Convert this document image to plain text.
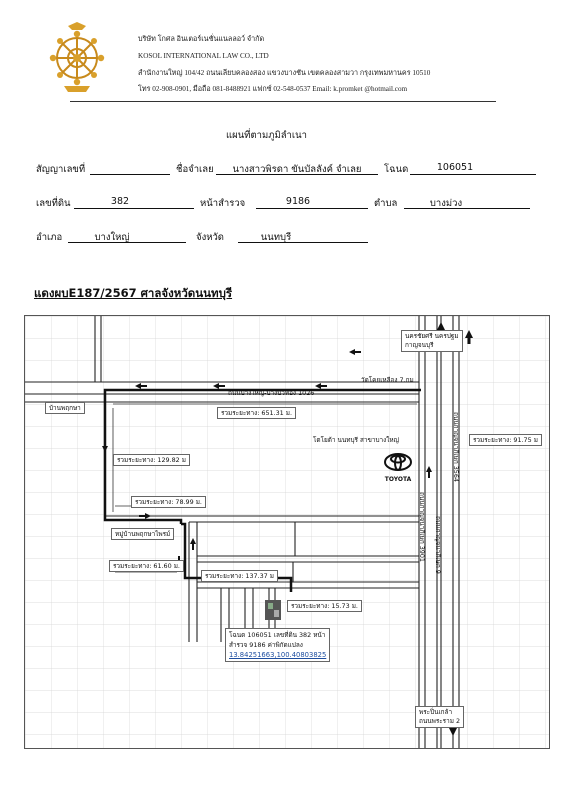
บริษัท โกศล อินเตอร์เนชั่นแนลลอว์ จำกัด
KOSOL INTERNATIONAL LAW CO., LTD
สำนักงานใหญ่ 104/42 ถนนเลียบคลองสอง แขวงบางชัน เขตคลองสามวา กรุงเทพมหานคร 10510
โทร 02-908-0901, มือถือ 081-8488921 แฟกซ์ 02-548-0537 Email: k.promket @hotmail.com
แผนที่ตามภูมิลำเนา
สัญญาเลขที่	ชื่อจำเลย	นางสาวพิรดา ขันบัลลังค์ จำเลย	โฉนด	106051
เลขที่ดิน	382	หน้าสำรวจ	9186	ตำบล	บางม่วง
อำเภอ	บางใหญ่	จังหวัด	นนทบุรี
แดงผบE187/2567 ศาลจังหวัดนนทบุรี
นครชัยศรี นครปฐม
กาญจนบุรี
วัดโคยเหลือง 7.กม
ถนนบางใหญ่-บางบัวทอง 1026
บ้านพฤกษา
รวมระยะทาง: 651.31 ม.
โตโยต้า นนทบุรี สาขาบางใหญ่
TOYOTA
รวมระยะทาง: 91.75 ม
ถนนกาญจนาภิเษก 3564
ถนนกาญจนาภิเษก 3901 ถนนกาญจนาภิเษก 9
รวมระยะทาง: 129.82 ม
รวมระยะทาง: 78.99 ม.
หมู่บ้านพฤกษาไพรม์
รวมระยะทาง: 61.60 ม.
รวมระยะทาง: 137.37 ม
รวมระยะทาง: 15.73 ม.
โฉนด 106051 เลขที่ดิน 382 หน้า
สำรวจ 9186 ค่าพิกัดแปลง
13.84251663,100.40803825
พระปิ่นเกล้า
ถนนพระราม 2
